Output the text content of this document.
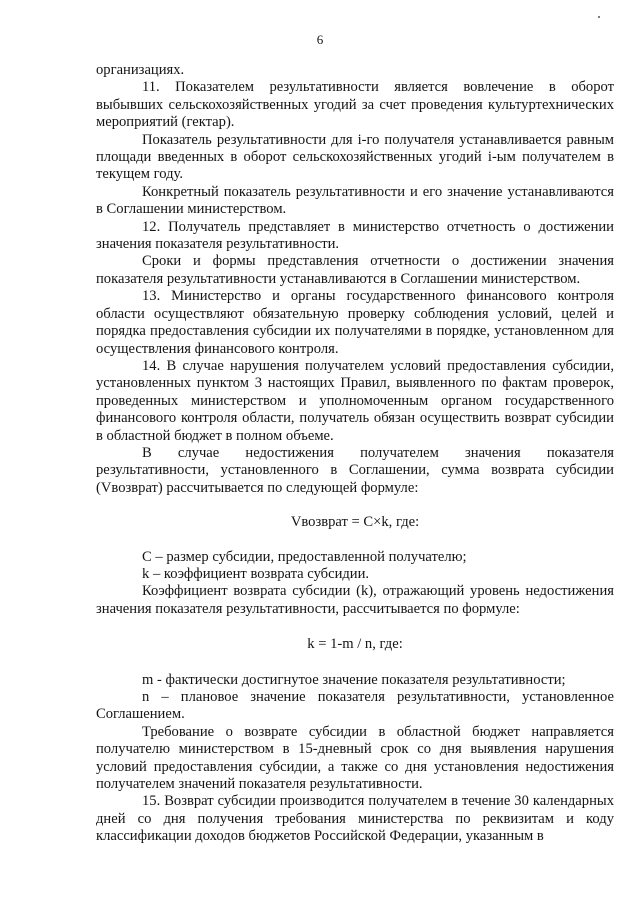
6

организациях.

11. Показателем результативности является вовлечение в оборот выбывших сельскохозяйственных угодий за счет проведения культуртехнических мероприятий (гектар).

Показатель результативности для i-го получателя устанавливается равным площади введенных в оборот сельскохозяйственных угодий i-ым получателем в текущем году.

Конкретный показатель результативности и его значение устанавливаются в Соглашении министерством.

12. Получатель представляет в министерство отчетность о достижении значения показателя результативности.

Сроки и формы представления отчетности о достижении значения показателя результативности устанавливаются в Соглашении министерством.

13. Министерство и органы государственного финансового контроля области осуществляют обязательную проверку соблюдения условий, целей и порядка предоставления субсидии их получателями в порядке, установленном для осуществления финансового контроля.

14. В случае нарушения получателем условий предоставления субсидии, установленных пунктом 3 настоящих Правил, выявленного по фактам проверок, проведенных министерством и уполномоченным органом государственного финансового контроля области, получатель обязан осуществить возврат субсидии в областной бюджет в полном объеме.

В случае недостижения получателем значения показателя результативности, установленного в Соглашении, сумма возврата субсидии (Vвозврат) рассчитывается по следующей формуле:

Vвозврат = C×k, где:

C – размер субсидии, предоставленной получателю;

k – коэффициент возврата субсидии.

Коэффициент возврата субсидии (k), отражающий уровень недостижения значения показателя результативности, рассчитывается по формуле:

k = 1-m / n, где:

m - фактически достигнутое значение показателя результативности;

n – плановое значение показателя результативности, установленное Соглашением.

Требование о возврате субсидии в областной бюджет направляется получателю министерством в 15-дневный срок со дня выявления нарушения условий предоставления субсидии, а также со дня установления недостижения получателем значений показателя результативности.

15. Возврат субсидии производится получателем в течение 30 календарных дней со дня получения требования министерства по реквизитам и коду классификации доходов бюджетов Российской Федерации, указанным в
